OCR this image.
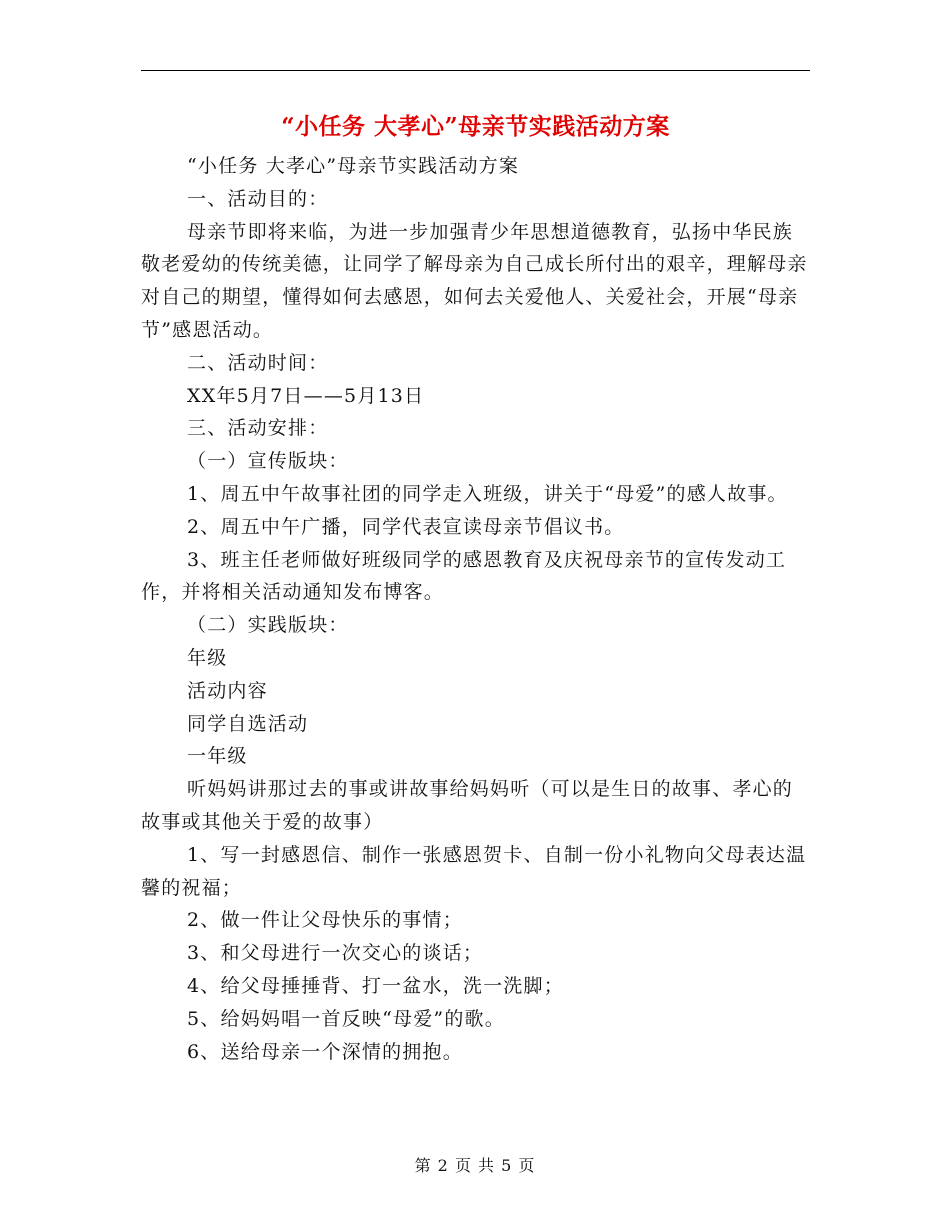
“小任务 大孝心”母亲节实践活动方案

“小任务 大孝心”母亲节实践活动方案

一、活动目的：

母亲节即将来临，为进一步加强青少年思想道德教育，弘扬中华民族敬老爱幼的传统美德，让同学了解母亲为自己成长所付出的艰辛，理解母亲对自己的期望，懂得如何去感恩，如何去关爱他人、关爱社会，开展“母亲节”感恩活动。

二、活动时间：

XX年5月7日——5月13日

三、活动安排：

（一）宣传版块：

1、周五中午故事社团的同学走入班级，讲关于“母爱”的感人故事。

2、周五中午广播，同学代表宣读母亲节倡议书。

3、班主任老师做好班级同学的感恩教育及庆祝母亲节的宣传发动工作，并将相关活动通知发布博客。

（二）实践版块：

年级

活动内容

同学自选活动

一年级

听妈妈讲那过去的事或讲故事给妈妈听（可以是生日的故事、孝心的故事或其他关于爱的故事）

1、写一封感恩信、制作一张感恩贺卡、自制一份小礼物向父母表达温馨的祝福；

2、做一件让父母快乐的事情；

3、和父母进行一次交心的谈话；

4、给父母捶捶背、打一盆水，洗一洗脚；

5、给妈妈唱一首反映“母爱”的歌。

6、送给母亲一个深情的拥抱。

第 2 页 共 5 页
